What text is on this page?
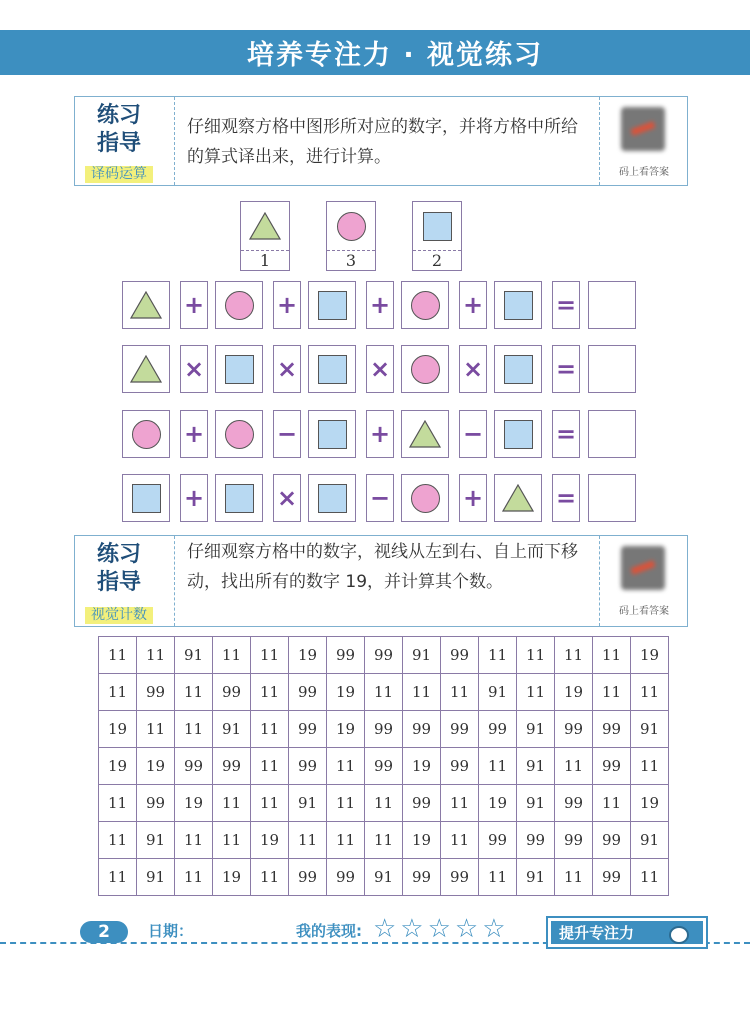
培养专注力 · 视觉练习
练习
指导
译码运算
仔细观察方格中图形所对应的数字，并将方格中所给的算式译出来，进行计算。
码上看答案
1	3	2
+	+	+	+	=
×	×	×	×	=
+	−	+	−	=
+	×	−	+	=
练习
指导
视觉计数
仔细观察方格中的数字，视线从左到右、自上而下移动，找出所有的数字 19，并计算其个数。
码上看答案
11	11	91	11	11	19	99	99	91	99	11	11	11	11	19
11	99	11	99	11	99	19	11	11	11	91	11	19	11	11
19	11	11	91	11	99	19	99	99	99	99	91	99	99	91
19	19	99	99	11	99	11	99	19	99	11	91	11	99	11
11	99	19	11	11	91	11	11	99	11	19	91	99	11	19
11	91	11	11	19	11	11	11	19	11	99	99	99	99	91
11	91	11	19	11	99	99	91	99	99	11	91	11	99	11
2	日期：	我的表现: ☆☆☆☆☆	提升专注力
